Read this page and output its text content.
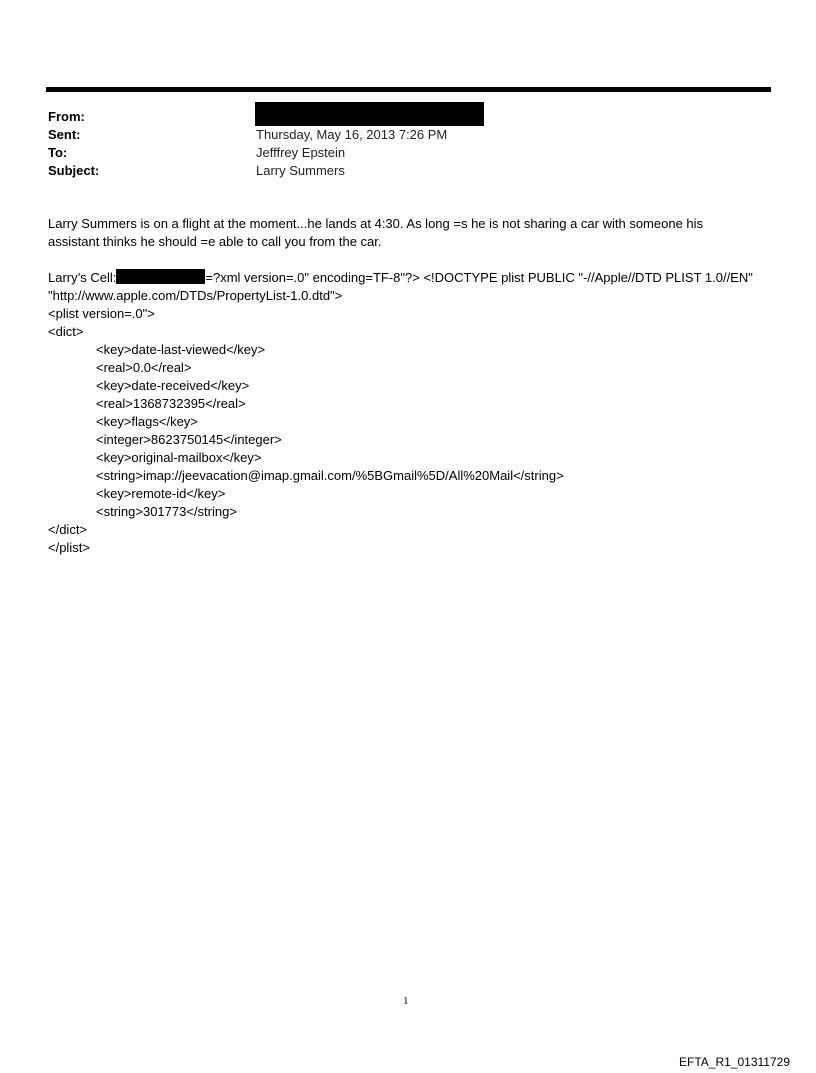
From:
Sent:	Thursday, May 16, 2013 7:26 PM
To:	Jefffrey Epstein
Subject:	Larry Summers
Larry Summers is on a flight at the moment...he lands at 4:30. As long =s he is not sharing a car with someone his
assistant thinks he should =e able to call you from the car.
Larry’s Cell:	=?xml version=.0" encoding=TF-8"?> <!DOCTYPE plist PUBLIC "-//Apple//DTD PLIST 1.0//EN"
"http://www.apple.com/DTDs/PropertyList-1.0.dtd">
<plist version=.0">
<dict>
<key>date-last-viewed</key>
<real>0.0</real>
<key>date-received</key>
<real>1368732395</real>
<key>flags</key>
<integer>8623750145</integer>
<key>original-mailbox</key>
<string>imap://jeevacation@imap.gmail.com/%5BGmail%5D/All%20Mail</string>
<key>remote-id</key>
<string>301773</string>
</dict>
</plist>
1
EFTA_R1_01311729
